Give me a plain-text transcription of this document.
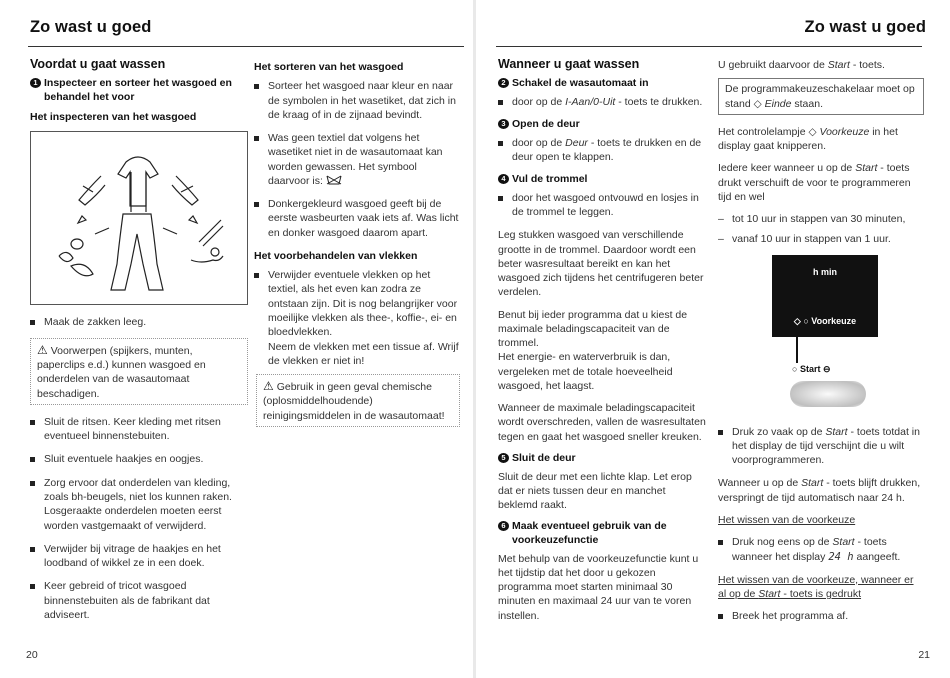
Zo wast u goed
Voordat u gaat wassen
1 Inspecteer en sorteer het wasgoed en behandel het voor
Het inspecteren van het wasgoed
Maak de zakken leeg.
⚠ Voorwerpen (spijkers, munten, paperclips e.d.) kunnen wasgoed en onderdelen van de wasautomaat beschadigen.
Sluit de ritsen. Keer kleding met ritsen eventueel binnenstebuiten.
Sluit eventuele haakjes en oogjes.
Zorg ervoor dat onderdelen van kleding, zoals bh-beugels, niet los kunnen raken. Losgeraakte onderdelen moeten eerst worden vastgemaakt of verwijderd.
Verwijder bij vitrage de haakjes en het loodband of wikkel ze in een doek.
Keer gebreid of tricot wasgoed binnenstebuiten als de fabrikant dat adviseert.
Het sorteren van het wasgoed
Sorteer het wasgoed naar kleur en naar de symbolen in het wasetiket, dat zich in de kraag of in de zijnaad bevindt.
Was geen textiel dat volgens het wasetiket niet in de wasautomaat kan worden gewassen. Het symbool daarvoor is:
Donkergekleurd wasgoed geeft bij de eerste wasbeurten vaak iets af. Was licht en donker wasgoed daarom apart.
Het voorbehandelen van vlekken
Verwijder eventuele vlekken op het textiel, als het even kan zodra ze ontstaan zijn. Dit is nog belangrijker voor moeilijke vlekken als thee-, koffie-, ei- en bloedvlekken.
Neem de vlekken met een tissue af. Wrijf de vlekken er niet in!
⚠ Gebruik in geen geval chemische (oplosmiddelhoudende) reinigingsmiddelen in de wasautomaat!
20
Zo wast u goed
Wanneer u gaat wassen
2 Schakel de wasautomaat in
door op de I-Aan/0-Uit - toets te drukken.
3 Open de deur
door op de Deur - toets te drukken en de deur open te klappen.
4 Vul de trommel
door het wasgoed ontvouwd en losjes in de trommel te leggen.

Leg stukken wasgoed van verschillende grootte in de trommel. Daardoor wordt een beter wasresultaat bereikt en kan het wasgoed zich tijdens het centrifugeren beter verdelen.

Benut bij ieder programma dat u kiest de maximale beladingscapaciteit van de trommel.

Het energie- en waterverbruik is dan, vergeleken met de totale hoeveelheid wasgoed, het laagst.

Wanneer de maximale beladingscapaciteit wordt overschreden, vallen de wasresultaten tegen en gaat het wasgoed sneller kreuken.

5 Sluit de deur

Sluit de deur met een lichte klap. Let erop dat er niets tussen deur en manchet beklemd raakt.

6 Maak eventueel gebruik van de voorkeuzefunctie

Met behulp van de voorkeuzefunctie kunt u het tijdstip dat het door u gekozen programma moet starten minimaal 30 minuten en maximaal 24 uur van te voren instellen.

U gebruikt daarvoor de Start - toets.

De programmakeuzeschakelaar moet op stand ◇ Einde staan.

Het controlelampje ◇ Voorkeuze in het display gaat knipperen.

Iedere keer wanneer u op de Start - toets drukt verschuift de voor te programmeren tijd en wel

– tot 10 uur in stappen van 30 minuten,
– vanaf 10 uur in stappen van 1 uur.
h min
◇ ○ Voorkeuze
○ Start ⊖
Druk zo vaak op de Start - toets totdat in het display de tijd verschijnt die u wilt voorprogrammeren.

Wanneer u op de Start - toets blijft drukken, verspringt de tijd automatisch naar 24 h.

Het wissen van de voorkeuze
Druk nog eens op de Start - toets wanneer het display 24 h aangeeft.
Het wissen van de voorkeuze, wanneer er al op de Start - toets is gedrukt
Breek het programma af.
21
